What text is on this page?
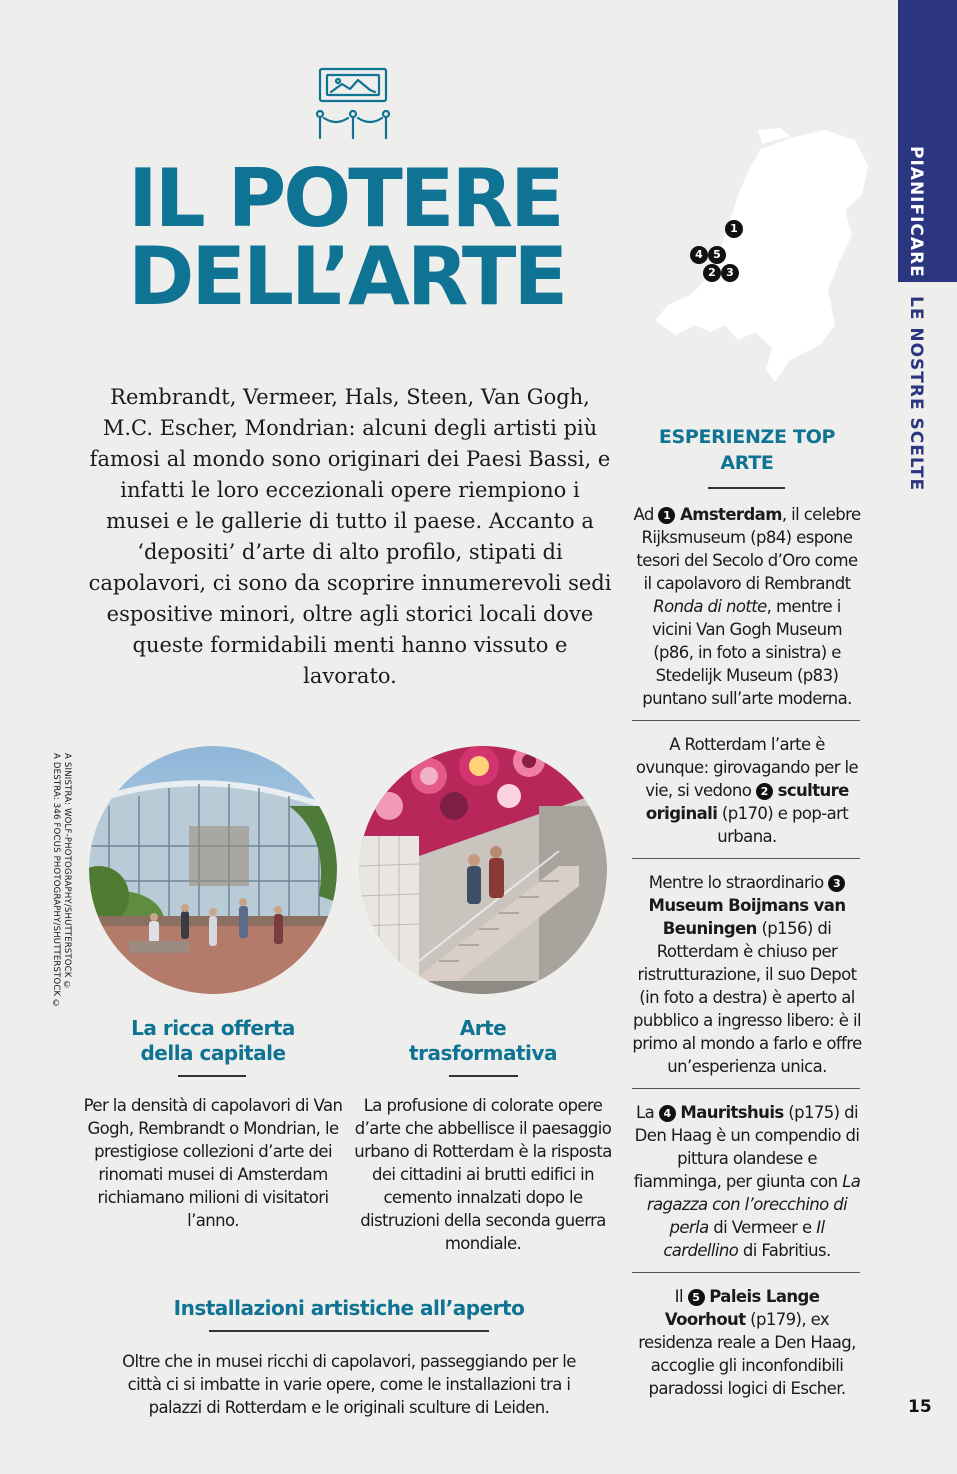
PIANIFICARE
LE NOSTRE SCELTE
15
IL POTERE
DELL’ARTE

Rembrandt, Vermeer, Hals, Steen, Van Gogh, M.C. Escher, Mondrian: alcuni degli artisti più famosi al mondo sono originari dei Paesi Bassi, e infatti le loro eccezionali opere riempiono i musei e le gallerie di tutto il paese. Accanto a ‘depositi’ d’arte di alto profilo, stipati di capolavori, ci sono da scoprire innumerevoli sedi espositive minori, oltre agli storici locali dove queste formidabili menti hanno vissuto e lavorato.

A SINISTRA: WOLF-PHOTOGRAPHY/SHUTTERSTOCK ©
A DESTRA: 346 FOCUS PHOTOGRAPHY/SHUTTERSTOCK ©
La ricca offerta
della capitale

Per la densità di capolavori di Van Gogh, Rembrandt o Mondrian, le prestigiose collezioni d’arte dei rinomati musei di Amsterdam richiamano milioni di visitatori l’anno.

Arte
trasformativa

La profusione di colorate opere d’arte che abbellisce il paesaggio urbano di Rotterdam è la risposta dei cittadini ai brutti edifici in cemento innalzati dopo le distruzioni della seconda guerra mondiale.

Installazioni artistiche all’aperto

Oltre che in musei ricchi di capolavori, passeggiando per le città ci si imbatte in varie opere, come le installazioni tra i palazzi di Rotterdam e le originali sculture di Leiden.

1
4 5
2 3
ESPERIENZE TOP
ARTE

Ad 1 Amsterdam, il celebre Rijksmuseum (p84) espone tesori del Secolo d’Oro come il capolavoro di Rembrandt Ronda di notte, mentre i vicini Van Gogh Museum (p86, in foto a sinistra) e Stedelijk Museum (p83) puntano sull’arte moderna.

A Rotterdam l’arte è ovunque: girovagando per le vie, si vedono 2 sculture originali (p170) e pop-art urbana.

Mentre lo straordinario 3 Museum Boijmans van Beuningen (p156) di Rotterdam è chiuso per ristrutturazione, il suo Depot (in foto a destra) è aperto al pubblico a ingresso libero: è il primo al mondo a farlo e offre un’esperienza unica.

La 4 Mauritshuis (p175) di Den Haag è un compendio di pittura olandese e fiamminga, per giunta con La ragazza con l’orecchino di perla di Vermeer e Il cardellino di Fabritius.

Il 5 Paleis Lange Voorhout (p179), ex residenza reale a Den Haag, accoglie gli inconfondibili paradossi logici di Escher.
